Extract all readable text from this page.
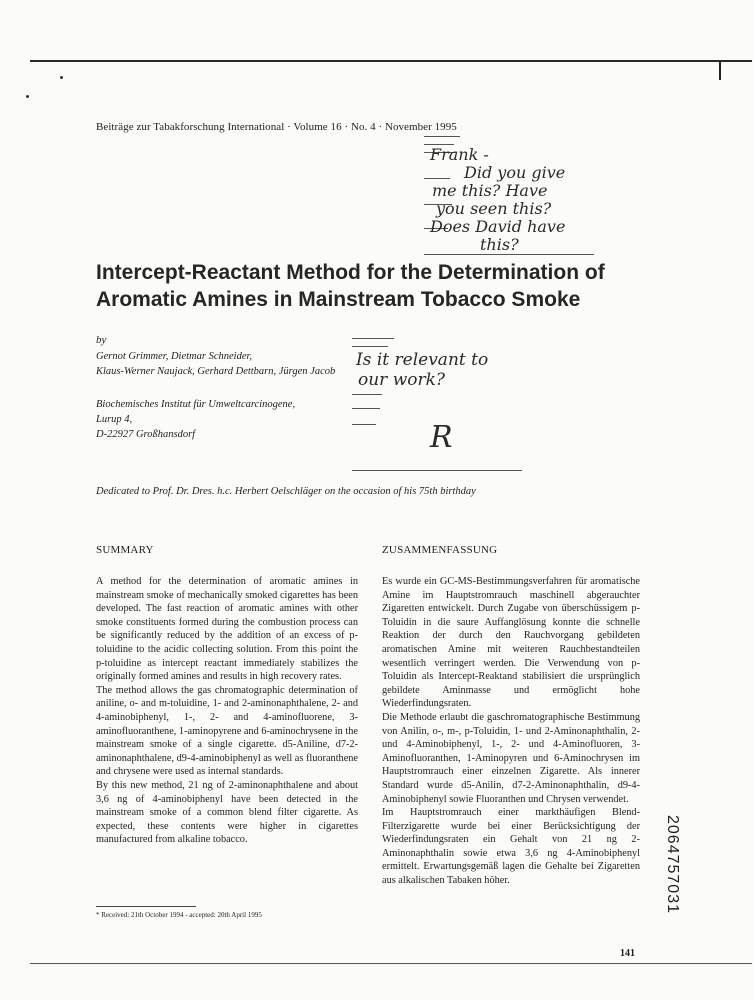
Beiträge zur Tabakforschung International · Volume 16 · No. 4 · November 1995
Frank -
Did you give
me this? Have
you seen this?
Does David have
this?
Intercept-Reactant Method for the Determination of
Aromatic Amines in Mainstream Tobacco Smoke
by
Gernot Grimmer, Dietmar Schneider,
Klaus-Werner Naujack, Gerhard Dettbarn, Jürgen Jacob
Biochemisches Institut für Umweltcarcinogene,
Lurup 4,
D-22927 Großhansdorf
Is it relevant to
our work?
R
Dedicated to Prof. Dr. Dres. h.c. Herbert Oelschläger on the occasion of his 75th birthday
SUMMARY

A method for the determination of aromatic amines in mainstream smoke of mechanically smoked cigarettes has been developed. The fast reaction of aromatic amines with other smoke constituents formed during the combustion process can be significantly reduced by the addition of an excess of p-toluidine to the acidic collecting solution. From this point the p-toluidine as intercept reactant immediately stabilizes the originally formed amines and results in high recovery rates.

The method allows the gas chromatographic determination of aniline, o- and m-toluidine, 1- and 2-aminonaphthalene, 2- and 4-aminobiphenyl, 1-, 2- and 4-aminofluorene, 3-aminofluoranthene, 1-aminopyrene and 6-aminochrysene in the mainstream smoke of a single cigarette. d5-Aniline, d7-2-aminonaphthalene, d9-4-aminobiphenyl as well as fluoranthene and chrysene were used as internal standards.

By this new method, 21 ng of 2-aminonaphthalene and about 3,6 ng of 4-aminobiphenyl have been detected in the mainstream smoke of a common blend filter cigarette. As expected, these contents were higher in cigarettes manufactured from alkaline tobacco.

* Received: 21th October 1994 - accepted: 20th April 1995
ZUSAMMENFASSUNG

Es wurde ein GC-MS-Bestimmungsverfahren für aromatische Amine im Hauptstromrauch maschinell abgerauchter Zigaretten entwickelt. Durch Zugabe von überschüssigem p-Toluidin in die saure Auffanglösung konnte die schnelle Reaktion der durch den Rauchvorgang gebildeten aromatischen Amine mit weiteren Rauchbestandteilen wesentlich verringert werden. Die Verwendung von p-Toluidin als Intercept-Reaktand stabilisiert die ursprünglich gebildete Aminmasse und ermöglicht hohe Wiederfindungsraten.

Die Methode erlaubt die gaschromatographische Bestimmung von Anilin, o-, m-, p-Toluidin, 1- und 2-Aminonaphthalin, 2- und 4-Aminobiphenyl, 1-, 2- und 4-Aminofluoren, 3-Aminofluoranthen, 1-Aminopyren und 6-Aminochrysen im Hauptstromrauch einer einzelnen Zigarette. Als innerer Standard wurde d5-Anilin, d7-2-Aminonaphthalin, d9-4-Aminobiphenyl sowie Fluoranthen und Chrysen verwendet.

Im Hauptstromrauch einer markthäufigen Blend-Filterzigarette wurde bei einer Berücksichtigung der Wiederfindungsraten ein Gehalt von 21 ng 2-Aminonaphthalin sowie etwa 3,6 ng 4-Aminobiphenyl ermittelt. Erwartungsgemäß lagen die Gehalte bei Zigaretten aus alkalischen Tabaken höher.

141
2064757031
